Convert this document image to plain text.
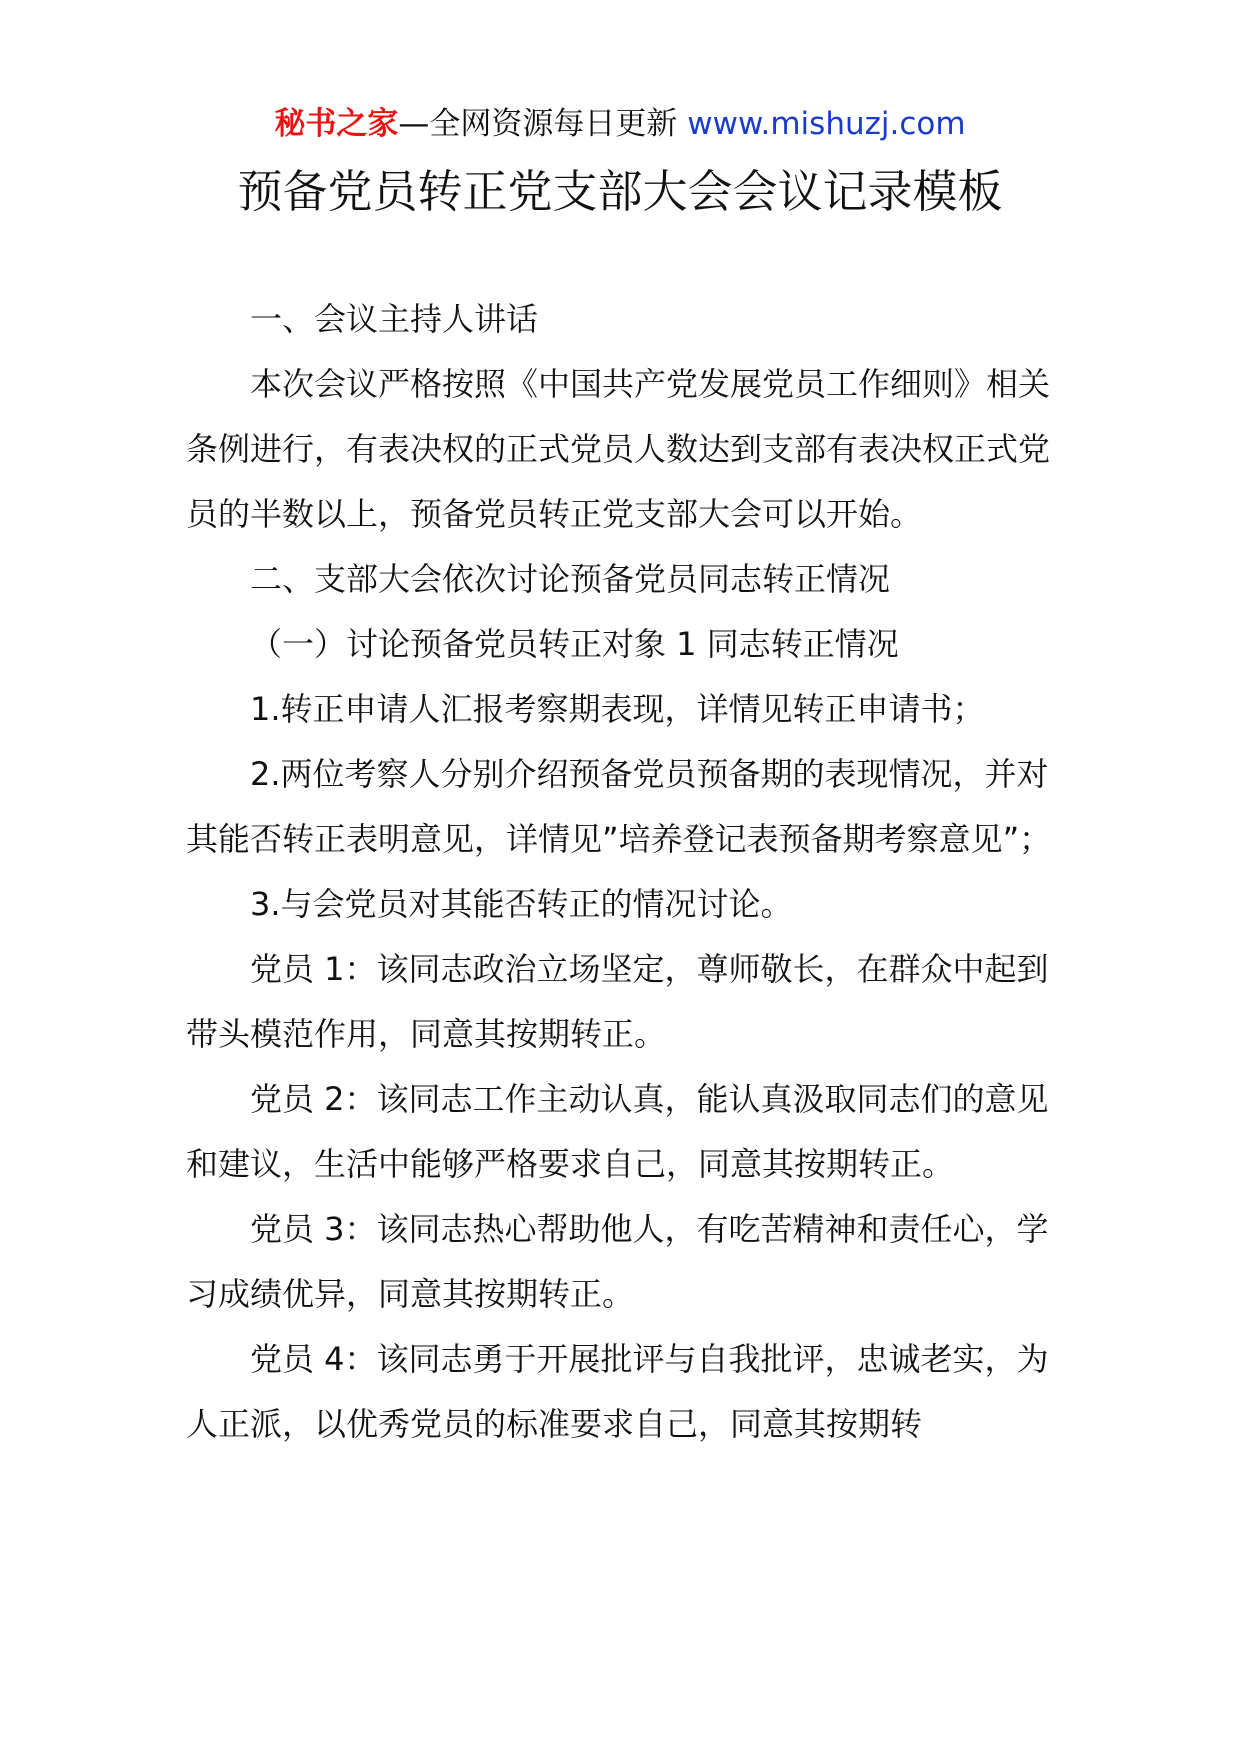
秘书之家—全网资源每日更新 www.mishuzj.com
预备党员转正党支部大会会议记录模板

一、会议主持人讲话

本次会议严格按照《中国共产党发展党员工作细则》相关条例进行，有表决权的正式党员人数达到支部有表决权正式党员的半数以上，预备党员转正党支部大会可以开始。

二、支部大会依次讨论预备党员同志转正情况

（一）讨论预备党员转正对象 1 同志转正情况

1.转正申请人汇报考察期表现，详情见转正申请书；

2.两位考察人分别介绍预备党员预备期的表现情况，并对其能否转正表明意见，详情见”培养登记表预备期考察意见”；

3.与会党员对其能否转正的情况讨论。

党员 1：该同志政治立场坚定，尊师敬长，在群众中起到带头模范作用，同意其按期转正。

党员 2：该同志工作主动认真，能认真汲取同志们的意见和建议，生活中能够严格要求自己，同意其按期转正。

党员 3：该同志热心帮助他人，有吃苦精神和责任心，学习成绩优异，同意其按期转正。

党员 4：该同志勇于开展批评与自我批评，忠诚老实，为人正派，以优秀党员的标准要求自己，同意其按期转
